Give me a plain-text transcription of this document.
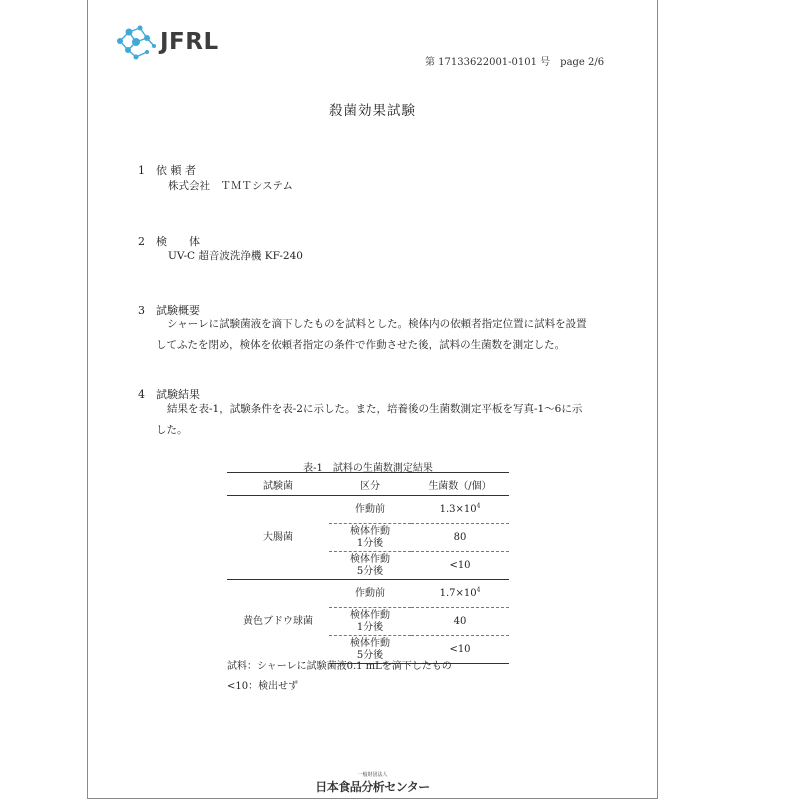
JFRL
第 17133622001-0101 号　page 2/6
殺菌効果試験
1 依 頼 者
株式会社　ＴＭＴシステム
2 検　　体
UV-C 超音波洗浄機 KF-240
3 試験概要
シャーレに試験菌液を滴下したものを試料とした。検体内の依頼者指定位置に試料を設置
してふたを閉め，検体を依頼者指定の条件で作動させた後，試料の生菌数を測定した。
4 試験結果
結果を表-1，試験条件を表-2に示した。また，培養後の生菌数測定平板を写真-1～6に示
した。
表-1　試料の生菌数測定結果
試験菌	区分	生菌数（/個）
大腸菌	作動前	$1.3\times 10^4$
	検体作動
1分後	80
	検体作動
5分後	<10
黄色ブドウ球菌	作動前	$1.7\times 10^4$
	検体作動
1分後	40
	検体作動
5分後	<10
試料：シャーレに試験菌液0.1 mLを滴下したもの
<10：検出せず
一般財団法人
日本食品分析センター
